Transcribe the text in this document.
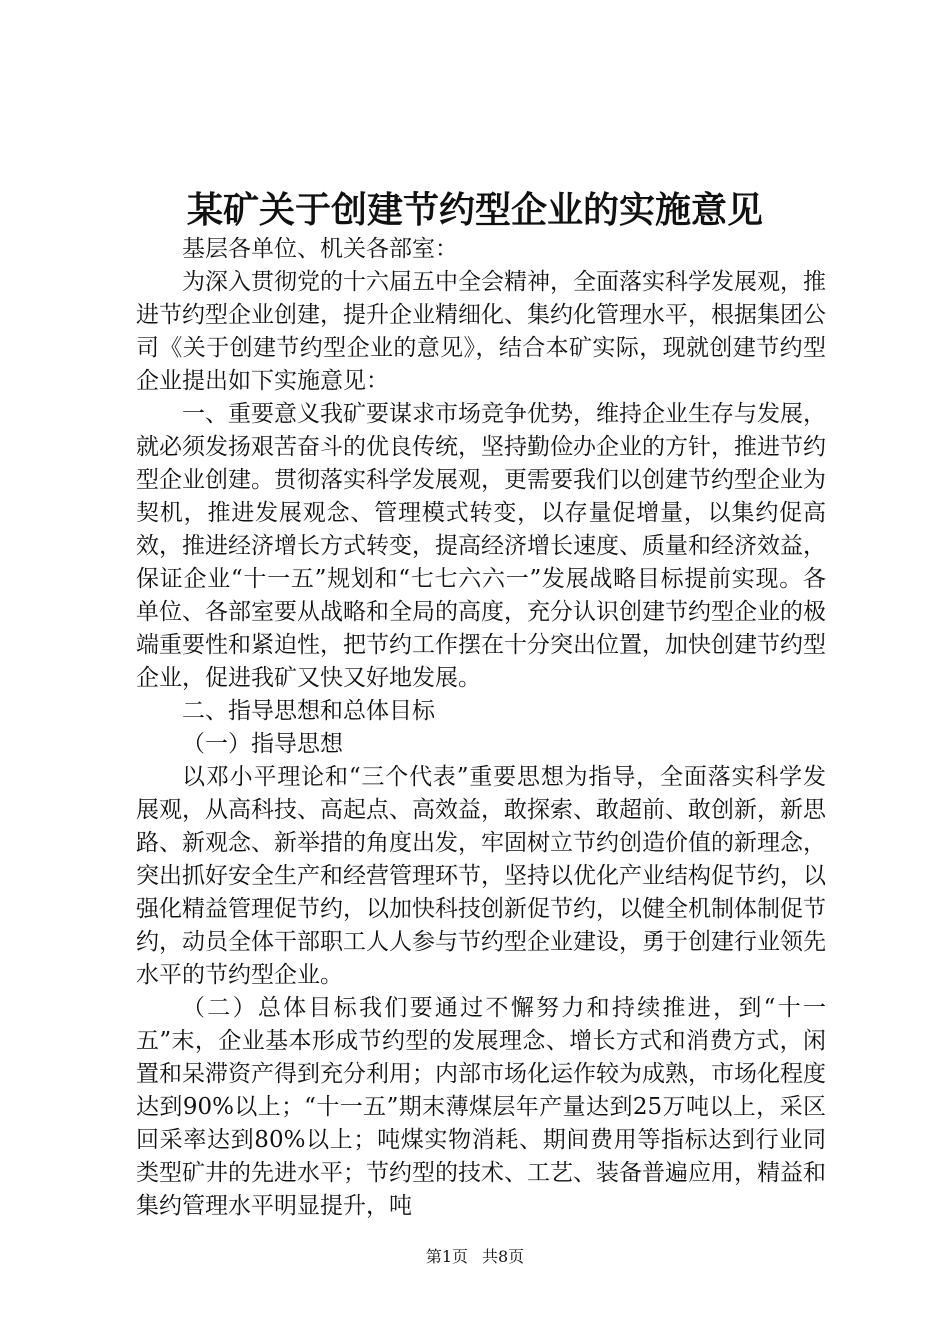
某矿关于创建节约型企业的实施意见

基层各单位、机关各部室：

为深入贯彻党的十六届五中全会精神，全面落实科学发展观，推进节约型企业创建，提升企业精细化、集约化管理水平，根据集团公司《关于创建节约型企业的意见》，结合本矿实际，现就创建节约型企业提出如下实施意见：

一、重要意义我矿要谋求市场竞争优势，维持企业生存与发展，就必须发扬艰苦奋斗的优良传统，坚持勤俭办企业的方针，推进节约型企业创建。贯彻落实科学发展观，更需要我们以创建节约型企业为契机，推进发展观念、管理模式转变，以存量促增量，以集约促高效，推进经济增长方式转变，提高经济增长速度、质量和经济效益，保证企业“十一五”规划和“七七六六一”发展战略目标提前实现。各单位、各部室要从战略和全局的高度，充分认识创建节约型企业的极端重要性和紧迫性，把节约工作摆在十分突出位置，加快创建节约型企业，促进我矿又快又好地发展。

二、指导思想和总体目标

（一）指导思想

以邓小平理论和“三个代表”重要思想为指导，全面落实科学发展观，从高科技、高起点、高效益，敢探索、敢超前、敢创新，新思路、新观念、新举措的角度出发，牢固树立节约创造价值的新理念，突出抓好安全生产和经营管理环节，坚持以优化产业结构促节约，以强化精益管理促节约，以加快科技创新促节约，以健全机制体制促节约，动员全体干部职工人人参与节约型企业建设，勇于创建行业领先水平的节约型企业。

（二）总体目标我们要通过不懈努力和持续推进，到“十一五”末，企业基本形成节约型的发展理念、增长方式和消费方式，闲置和呆滞资产得到充分利用；内部市场化运作较为成熟，市场化程度达到90%以上；“十一五”期末薄煤层年产量达到25万吨以上，采区回采率达到80%以上；吨煤实物消耗、期间费用等指标达到行业同类型矿井的先进水平；节约型的技术、工艺、装备普遍应用，精益和集约管理水平明显提升，吨

第1页 共8页
